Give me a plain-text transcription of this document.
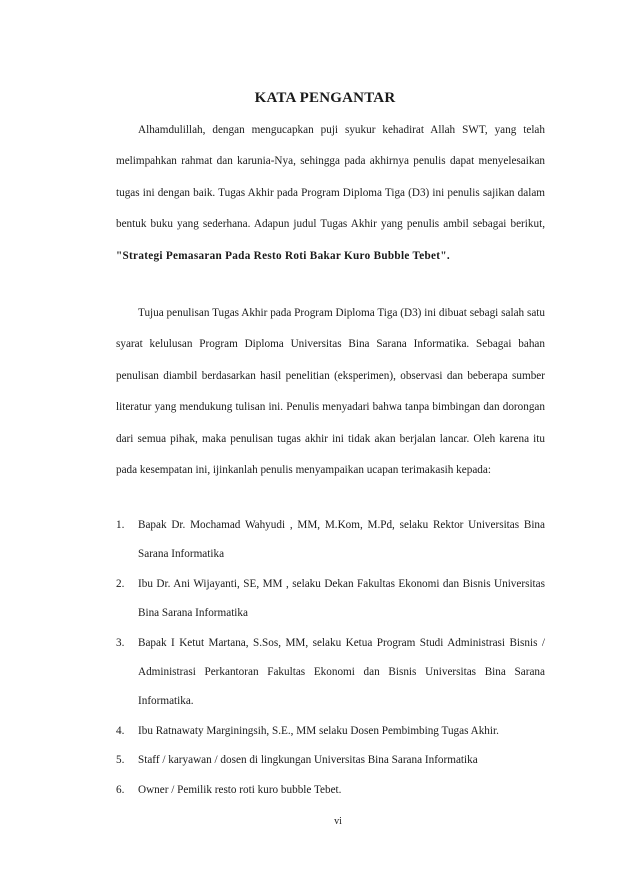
KATA PENGANTAR

Alhamdulillah, dengan mengucapkan puji syukur kehadirat Allah SWT, yang telah melimpahkan rahmat dan karunia-Nya, sehingga pada akhirnya penulis dapat menyelesaikan tugas ini dengan baik. Tugas Akhir pada Program Diploma Tiga (D3) ini penulis sajikan dalam bentuk buku yang sederhana. Adapun judul Tugas Akhir yang penulis ambil sebagai berikut, "Strategi Pemasaran Pada Resto Roti Bakar Kuro Bubble Tebet".

Tujua penulisan Tugas Akhir pada Program Diploma Tiga (D3) ini dibuat sebagi salah satu syarat kelulusan Program Diploma Universitas Bina Sarana Informatika. Sebagai bahan penulisan diambil berdasarkan hasil penelitian (eksperimen), observasi dan beberapa sumber literatur yang mendukung tulisan ini. Penulis menyadari bahwa tanpa bimbingan dan dorongan dari semua pihak, maka penulisan tugas akhir ini tidak akan berjalan lancar. Oleh karena itu pada kesempatan ini, ijinkanlah penulis menyampaikan ucapan terimakasih kepada:

1. Bapak Dr. Mochamad Wahyudi , MM, M.Kom, M.Pd, selaku Rektor Universitas Bina Sarana Informatika
2. Ibu Dr. Ani Wijayanti, SE, MM , selaku Dekan Fakultas Ekonomi dan Bisnis Universitas Bina Sarana Informatika
3. Bapak I Ketut Martana, S.Sos, MM, selaku Ketua Program Studi Administrasi Bisnis / Administrasi Perkantoran Fakultas Ekonomi dan Bisnis Universitas Bina Sarana Informatika.
4. Ibu Ratnawaty Marginingsih, S.E., MM selaku Dosen Pembimbing Tugas Akhir.
5. Staff / karyawan / dosen di lingkungan Universitas Bina Sarana Informatika
6. Owner / Pemilik resto roti kuro bubble Tebet.
vi
